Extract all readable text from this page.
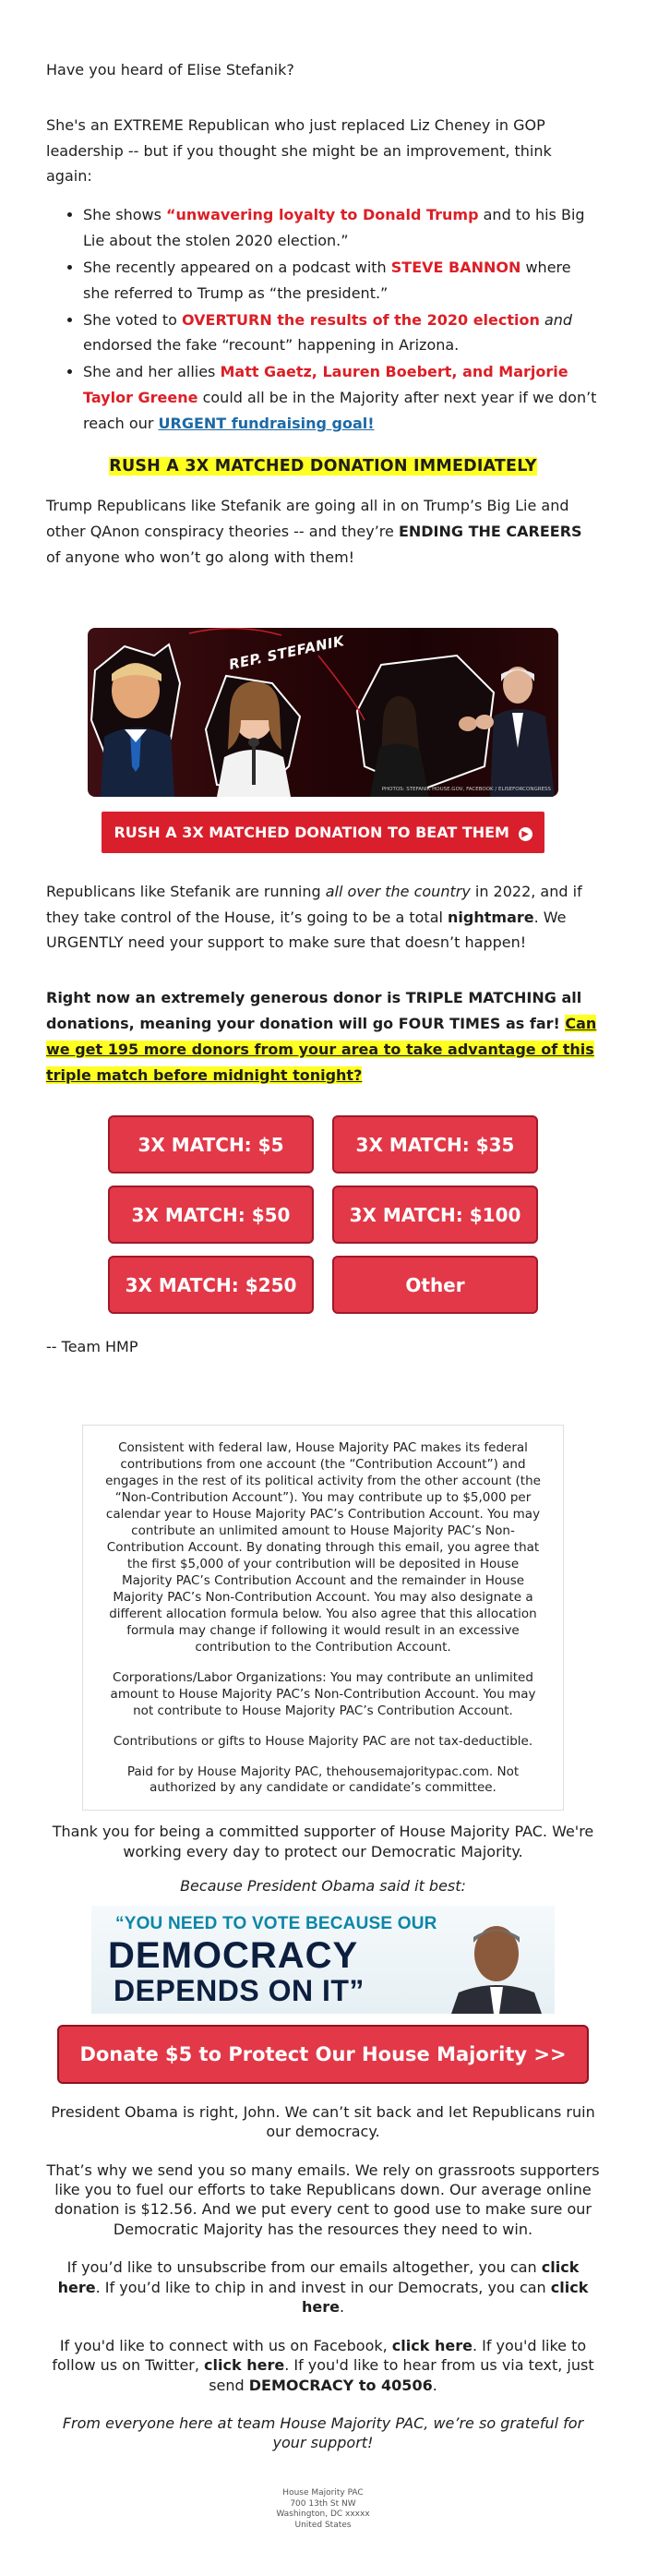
Have you heard of Elise Stefanik?

She's an EXTREME Republican who just replaced Liz Cheney in GOP leadership -- but if you thought she might be an improvement, think again:

• She shows “unwavering loyalty to Donald Trump and to his Big Lie about the stolen 2020 election.”
• She recently appeared on a podcast with STEVE BANNON where she referred to Trump as “the president.”
• She voted to OVERTURN the results of the 2020 election and endorsed the fake “recount” happening in Arizona.
• She and her allies Matt Gaetz, Lauren Boebert, and Marjorie Taylor Greene could all be in the Majority after next year if we don’t reach our URGENT fundraising goal!

RUSH A 3X MATCHED DONATION IMMEDIATELY

Trump Republicans like Stefanik are going all in on Trump’s Big Lie and other QAnon conspiracy theories -- and they’re ENDING THE CAREERS of anyone who won’t go along with them!

REP. STEFANIK
PHOTOS: STEFANIK HOUSE.GOV, FACEBOOK / ELISEFORCONGRESS
RUSH A 3X MATCHED DONATION TO BEAT THEM ▶

Republicans like Stefanik are running all over the country in 2022, and if they take control of the House, it’s going to be a total nightmare. We URGENTLY need your support to make sure that doesn’t happen!

Right now an extremely generous donor is TRIPLE MATCHING all donations, meaning your donation will go FOUR TIMES as far! Can we get 195 more donors from your area to take advantage of this triple match before midnight tonight?

3X MATCH: $5	3X MATCH: $35
3X MATCH: $50	3X MATCH: $100
3X MATCH: $250	Other

-- Team HMP

Consistent with federal law, House Majority PAC makes its federal contributions from one account (the “Contribution Account”) and engages in the rest of its political activity from the other account (the “Non-Contribution Account”). You may contribute up to $5,000 per calendar year to House Majority PAC’s Contribution Account. You may contribute an unlimited amount to House Majority PAC’s Non-Contribution Account. By donating through this email, you agree that the first $5,000 of your contribution will be deposited in House Majority PAC’s Contribution Account and the remainder in House Majority PAC’s Non-Contribution Account. You may also designate a different allocation formula below. You also agree that this allocation formula may change if following it would result in an excessive contribution to the Contribution Account.

Corporations/Labor Organizations: You may contribute an unlimited amount to House Majority PAC’s Non-Contribution Account. You may not contribute to House Majority PAC’s Contribution Account.

Contributions or gifts to House Majority PAC are not tax-deductible.

Paid for by House Majority PAC, thehousemajoritypac.com. Not authorized by any candidate or candidate’s committee.

Thank you for being a committed supporter of House Majority PAC. We're working every day to protect our Democratic Majority.

Because President Obama said it best:

“YOU NEED TO VOTE BECAUSE OUR
DEMOCRACY
DEPENDS ON IT”
Donate $5 to Protect Our House Majority >>

President Obama is right, John. We can’t sit back and let Republicans ruin our democracy.

That’s why we send you so many emails. We rely on grassroots supporters like you to fuel our efforts to take Republicans down. Our average online donation is $12.56. And we put every cent to good use to make sure our Democratic Majority has the resources they need to win.

If you’d like to unsubscribe from our emails altogether, you can click here. If you’d like to chip in and invest in our Democrats, you can click here.

If you'd like to connect with us on Facebook, click here. If you'd like to follow us on Twitter, click here. If you'd like to hear from us via text, just send DEMOCRACY to 40506.

From everyone here at team House Majority PAC, we’re so grateful for your support!

House Majority PAC
700 13th St NW
Washington, DC xxxxx
United States
